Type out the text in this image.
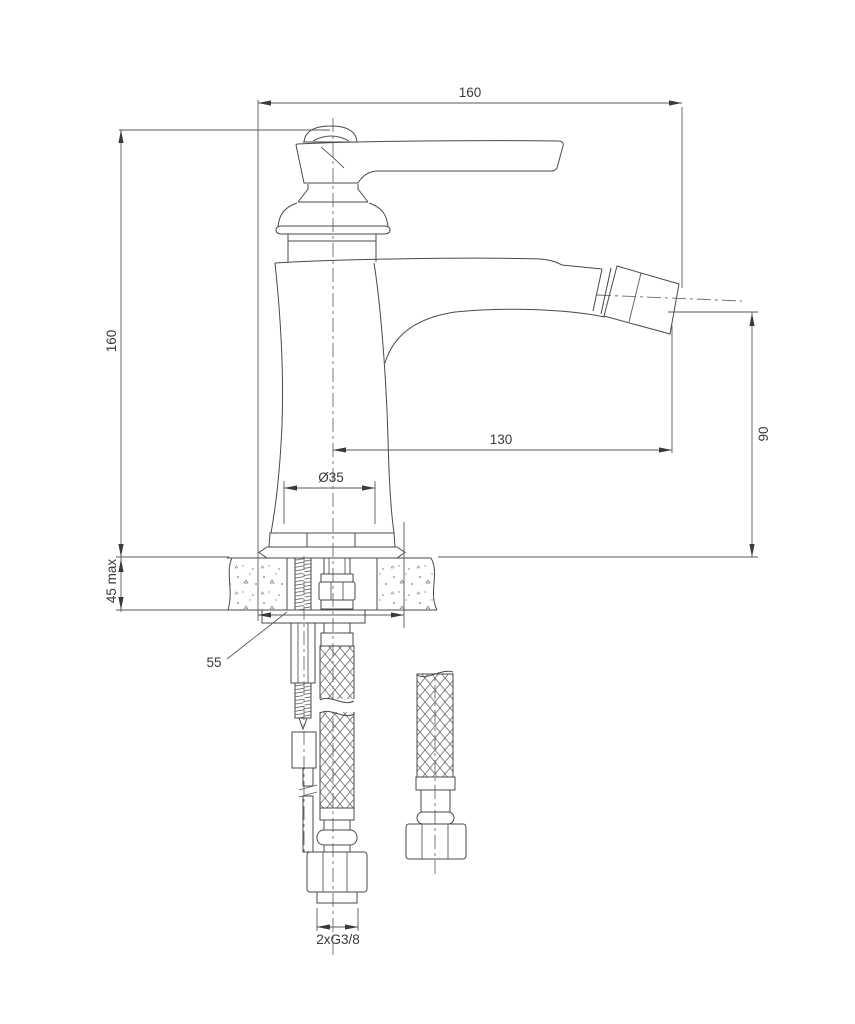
160
160
45 max
130	90
Ø35
55
2xG3/8
